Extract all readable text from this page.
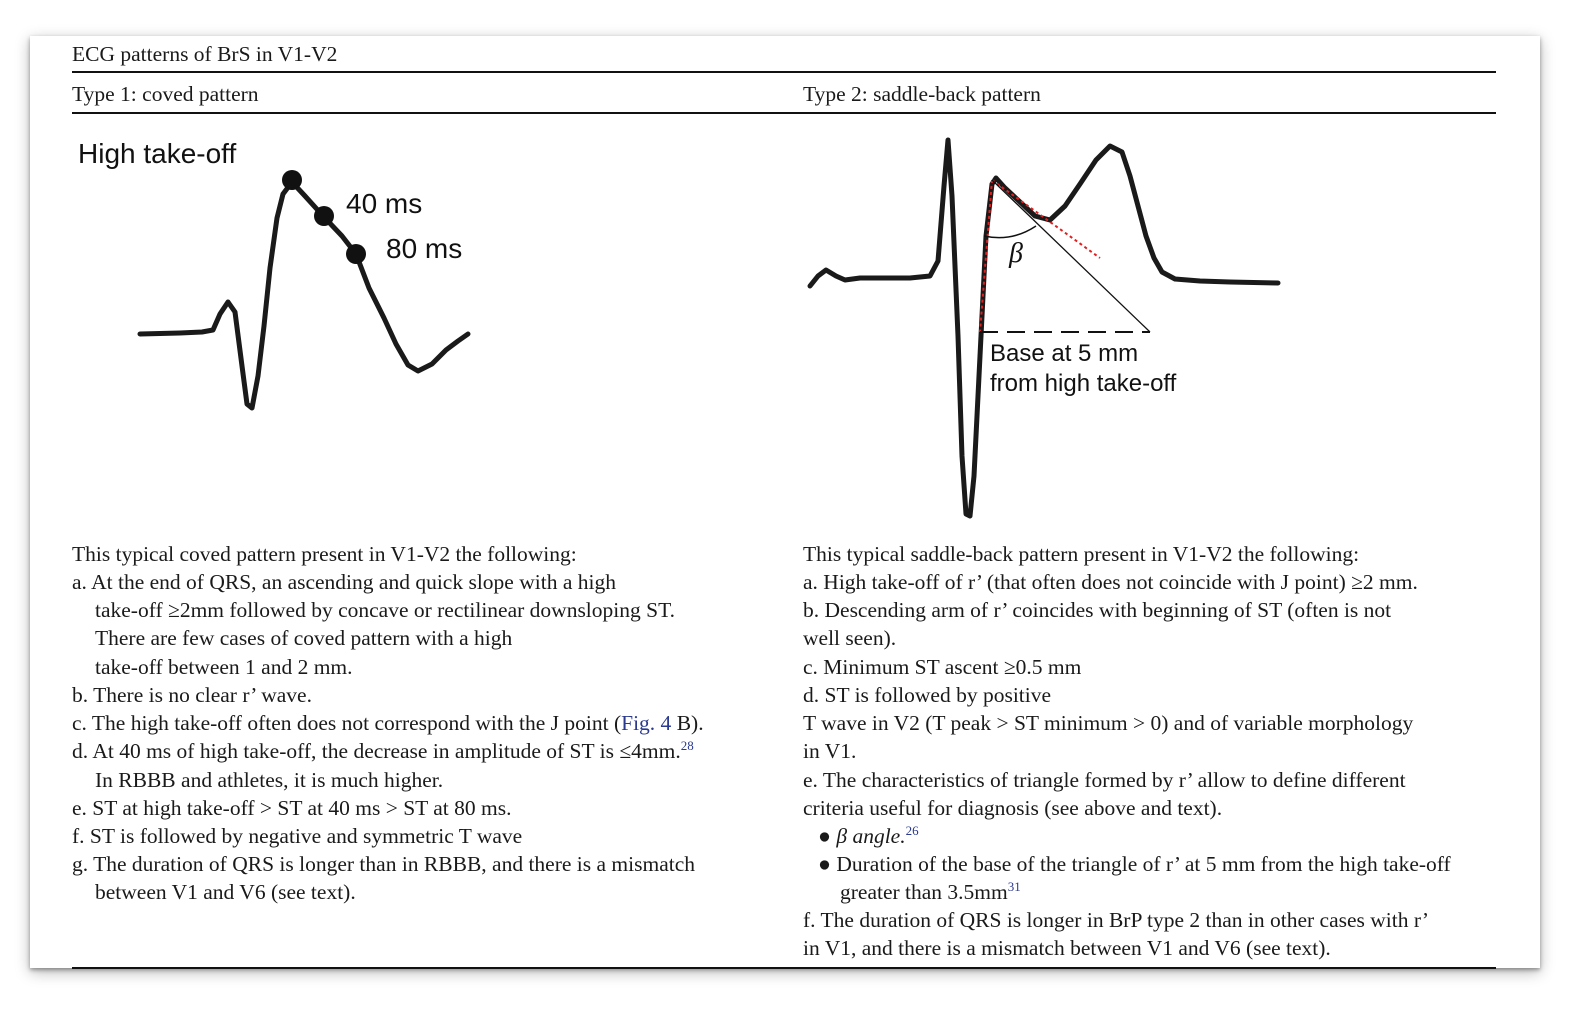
ECG patterns of BrS in V1-V2
Type 1: coved pattern	Type 2: saddle-back pattern
High take-off
40 ms
80 ms	β
Base at 5 mm
from high take-off
This typical coved pattern present in V1-V2 the following:
a. At the end of QRS, an ascending and quick slope with a high
take-off ≥2mm followed by concave or rectilinear downsloping ST.
There are few cases of coved pattern with a high
take-off between 1 and 2 mm.
b. There is no clear r’ wave.
c. The high take-off often does not correspond with the J point (Fig. 4 B).
d. At 40 ms of high take-off, the decrease in amplitude of ST is ≤4mm.$^{28}$
In RBBB and athletes, it is much higher.
e. ST at high take-off > ST at 40 ms > ST at 80 ms.
f. ST is followed by negative and symmetric T wave
g. The duration of QRS is longer than in RBBB, and there is a mismatch
between V1 and V6 (see text).
This typical saddle-back pattern present in V1-V2 the following:
a. High take-off of r’ (that often does not coincide with J point) ≥2 mm.
b. Descending arm of r’ coincides with beginning of ST (often is not
well seen).
c. Minimum ST ascent ≥0.5 mm
d. ST is followed by positive
T wave in V2 (T peak > ST minimum > 0) and of variable morphology
in V1.
e. The characteristics of triangle formed by r’ allow to define different
criteria useful for diagnosis (see above and text).
● β angle.$^{26}$
● Duration of the base of the triangle of r’ at 5 mm from the high take-off
greater than $3.5mm^{31}$
f. The duration of QRS is longer in BrP type 2 than in other cases with r’
in V1, and there is a mismatch between V1 and V6 (see text).
